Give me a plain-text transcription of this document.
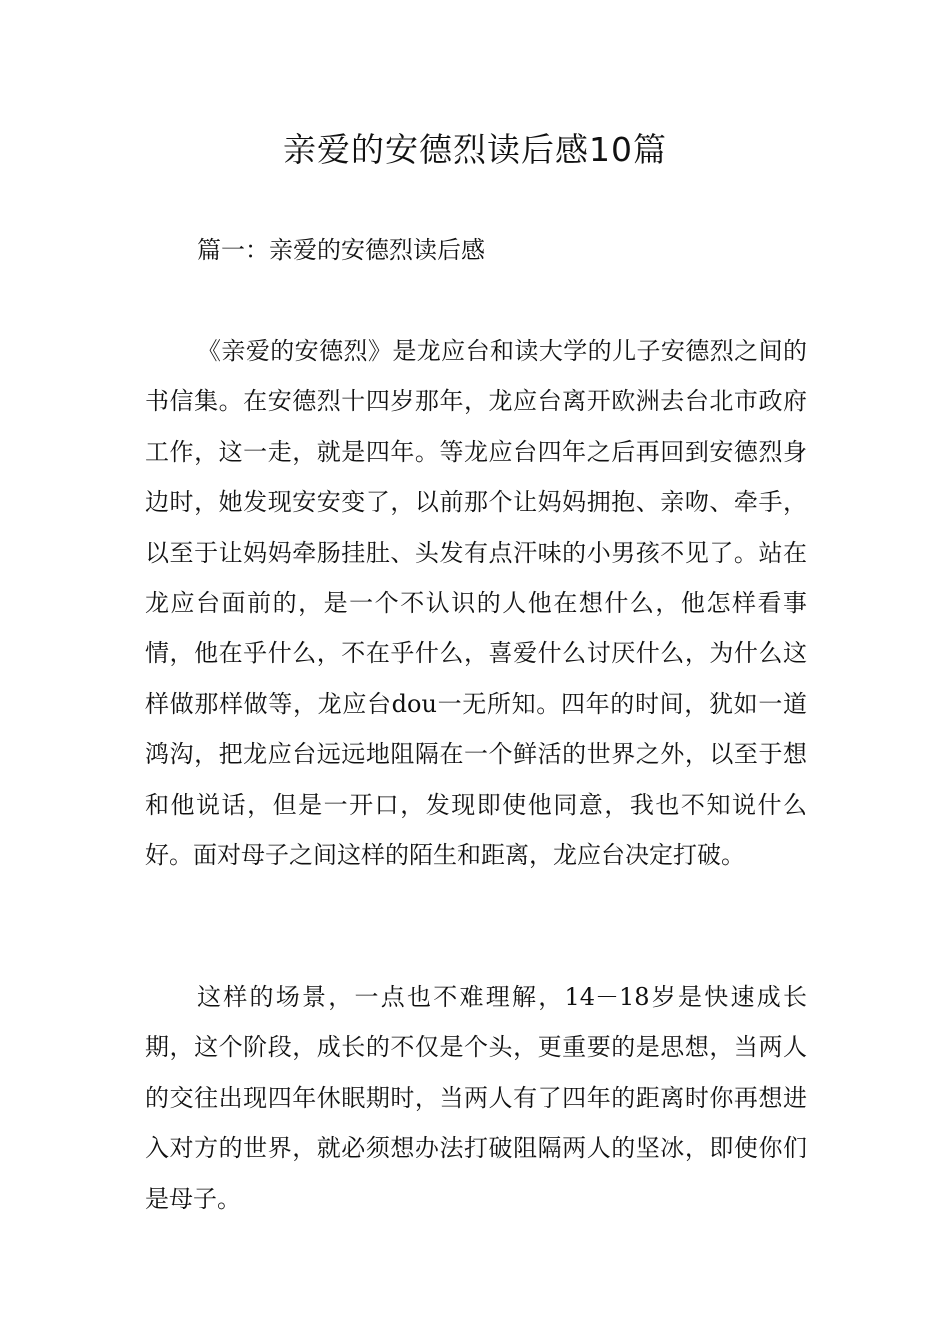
亲爱的安德烈读后感10篇
篇一：亲爱的安德烈读后感

《亲爱的安德烈》是龙应台和读大学的儿子安德烈之间的书信集。在安德烈十四岁那年，龙应台离开欧洲去台北市政府工作，这一走，就是四年。等龙应台四年之后再回到安德烈身边时，她发现安安变了，以前那个让妈妈拥抱、亲吻、牵手，以至于让妈妈牵肠挂肚、头发有点汗味的小男孩不见了。站在龙应台面前的，是一个不认识的人他在想什么，他怎样看事情，他在乎什么，不在乎什么，喜爱什么讨厌什么，为什么这样做那样做等，龙应台dou一无所知。四年的时间，犹如一道鸿沟，把龙应台远远地阻隔在一个鲜活的世界之外，以至于想和他说话，但是一开口，发现即使他同意，我也不知说什么好。面对母子之间这样的陌生和距离，龙应台决定打破。

这样的场景，一点也不难理解，14－18岁是快速成长期，这个阶段，成长的不仅是个头，更重要的是思想，当两人的交往出现四年休眠期时，当两人有了四年的距离时你再想进入对方的世界，就必须想办法打破阻隔两人的坚冰，即使你们是母子。
